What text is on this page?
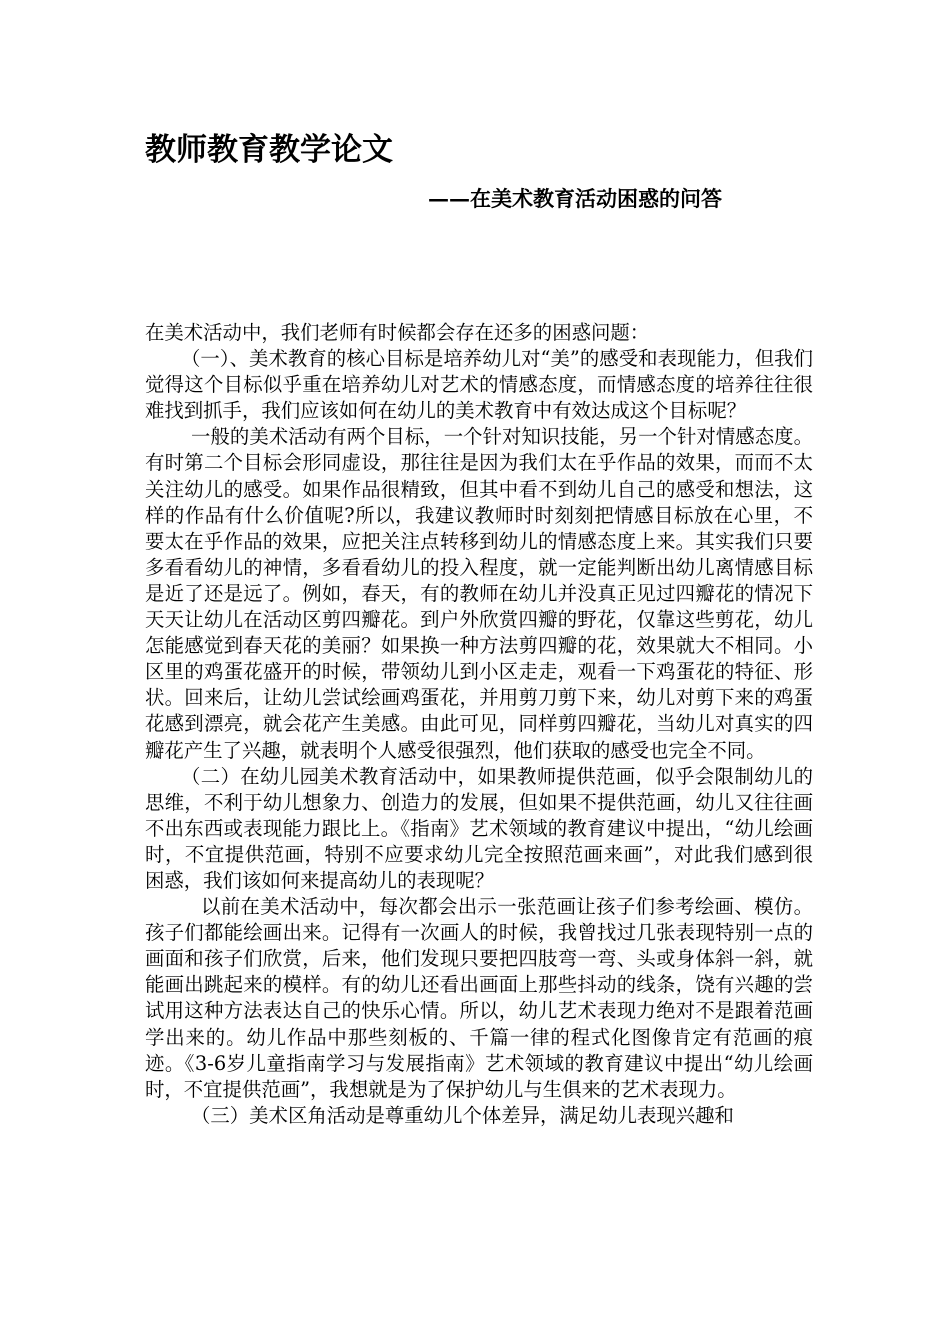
教师教育教学论文
——在美术教育活动困惑的问答

在美术活动中，我们老师有时候都会存在还多的困惑问题：

（一）、美术教育的核心目标是培养幼儿对“美”的感受和表现能力，但我们觉得这个目标似乎重在培养幼儿对艺术的情感态度，而情感态度的培养往往很难找到抓手，我们应该如何在幼儿的美术教育中有效达成这个目标呢？

一般的美术活动有两个目标，一个针对知识技能，另一个针对情感态度。有时第二个目标会形同虚设，那往往是因为我们太在乎作品的效果，而而不太关注幼儿的感受。如果作品很精致，但其中看不到幼儿自己的感受和想法，这样的作品有什么价值呢?所以，我建议教师时时刻刻把情感目标放在心里，不要太在乎作品的效果，应把关注点转移到幼儿的情感态度上来。其实我们只要多看看幼儿的神情，多看看幼儿的投入程度，就一定能判断出幼儿离情感目标是近了还是远了。例如，春天，有的教师在幼儿并没真正见过四瓣花的情况下天天让幼儿在活动区剪四瓣花。到户外欣赏四瓣的野花，仅靠这些剪花，幼儿怎能感觉到春天花的美丽？如果换一种方法剪四瓣的花，效果就大不相同。小区里的鸡蛋花盛开的时候，带领幼儿到小区走走，观看一下鸡蛋花的特征、形状。回来后，让幼儿尝试绘画鸡蛋花，并用剪刀剪下来，幼儿对剪下来的鸡蛋花感到漂亮，就会花产生美感。由此可见，同样剪四瓣花，当幼儿对真实的四瓣花产生了兴趣，就表明个人感受很强烈，他们获取的感受也完全不同。

（二）在幼儿园美术教育活动中，如果教师提供范画，似乎会限制幼儿的思维，不利于幼儿想象力、创造力的发展，但如果不提供范画，幼儿又往往画不出东西或表现能力跟比上。《指南》艺术领域的教育建议中提出，“幼儿绘画时，不宜提供范画，特别不应要求幼儿完全按照范画来画”，对此我们感到很困惑，我们该如何来提高幼儿的表现呢？

以前在美术活动中，每次都会出示一张范画让孩子们参考绘画、模仿。孩子们都能绘画出来。记得有一次画人的时候，我曾找过几张表现特别一点的画面和孩子们欣赏，后来，他们发现只要把四肢弯一弯、头或身体斜一斜，就能画出跳起来的模样。有的幼儿还看出画面上那些抖动的线条，饶有兴趣的尝试用这种方法表达自己的快乐心情。所以，幼儿艺术表现力绝对不是跟着范画学出来的。幼儿作品中那些刻板的、千篇一律的程式化图像肯定有范画的痕迹。《3-6岁儿童指南学习与发展指南》艺术领域的教育建议中提出“幼儿绘画时，不宜提供范画”，我想就是为了保护幼儿与生俱来的艺术表现力。

（三）美术区角活动是尊重幼儿个体差异，满足幼儿表现兴趣和
